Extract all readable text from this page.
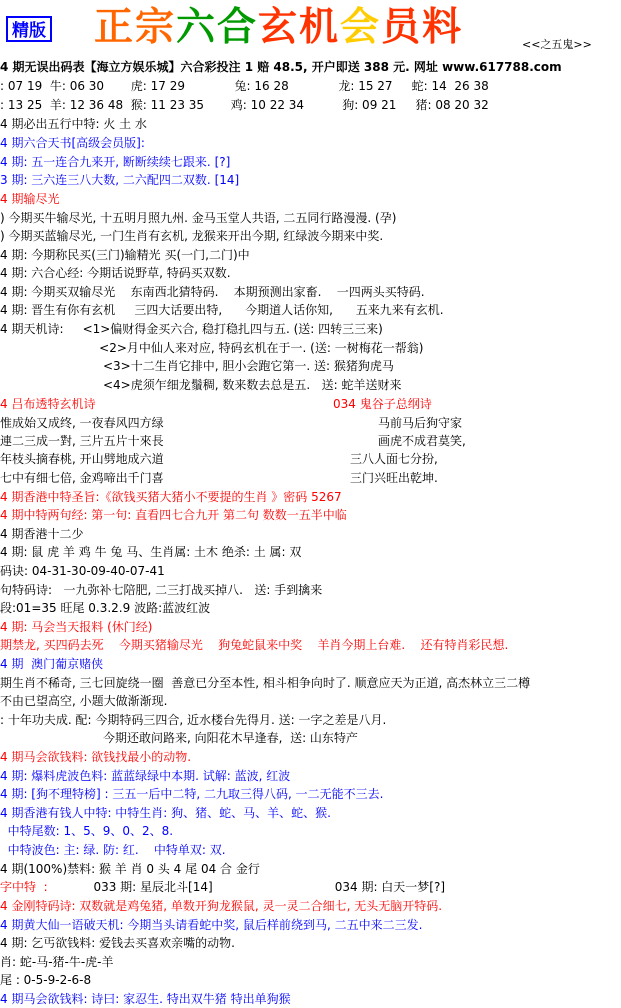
精版 正宗六合玄机会员料	<<之五鬼>>
4 期无误出码表【海立方娱乐城】六合彩投注 1 赔 48.5, 开户即送 388 元. 网址 www.617788.com
: 07 19  牛: 06 30       虎: 17 29             兔: 16 28             龙: 15 27     蛇: 14  26 38
: 13 25  羊: 12 36 48  猴: 11 23 35       鸡: 10 22 34          狗: 09 21     猪: 08 20 32
4 期必出五行中特: 火 土 水
4 期六合天书[高级会员版]:
4 期: 五一连合九来开, 断断续续七跟来. [?]
3 期: 三六连三八大数, 二六配四二双数. [14]
4 期输尽光
) 今期买牛输尽光, 十五明月照九州. 金马玉堂人共语, 二五同行路漫漫. (孕)
) 今期买蓝输尽光, 一门生肖有玄机, 龙猴来开出今期, 红绿波今期来中奖.
4 期: 今期称民买(三门)输精光 买(一门,二门)中
4 期: 六合心经: 今期话说野草, 特码买双数.
4 期: 今期买双输尽光    东南西北猜特码.    本期预测出家畜.    一四两头买特码.
4 期: 晋生有你有玄机     三四大话要出特,      今期道人话你知,      五来九来有玄机.
4 期天机诗:     <1>偏财得金买六合, 稳打稳扎四与五. (送: 四转三三来)
<2>月中仙人来对应, 特码玄机在于一. (送: 一树梅花一帮翁)
<3>十二生肖它排中, 胆小会跑它第一. 送: 猴猪狗虎马
<4>虎须乍细龙鬚稠, 数来数去总是五.   送: 蛇羊送财来
4 吕布透特玄机诗
惟成始又成终, 一夜春风四方绿
連二三成一對, 三片五片十來長
年枝头摘春桃, 开山劈地成六道
七中有细七倍, 金鸡啼出千门喜
4 期香港中特圣旨:《欲钱买猪大猪小不要提的生肖 》密码 5267
4 期中特两句经: 第一句: 直看四七合九开 第二句 数数一五半中临
4 期香港十二少
4 期: 鼠 虎 羊 鸡 牛 兔 马、生肖属: 土木 绝杀: 土 属: 双
码诀: 04-31-30-09-40-07-41
句特码诗:   一九弥补七陪肥, 二三打战买掉八.   送: 手到擒来
段:01=35 旺尾 0.3.2.9 波路:蓝波红波
4 期: 马会当天报料 (休门经)
期禁龙, 买四码去死    今期买猪输尽光    狗兔蛇鼠来中奖    羊肖今期上台难.    还有特肖彩民想.
4 期  澳门葡京赌侠
期生肖不稀奇, 三七回旋绕一圈  善意已分至本性, 相斗相争向时了. 顺意应天为正道, 高杰林立三二樽
不由已望高空, 小题大做渐渐现.
: 十年功夫成. 配: 今期特码三四合, 近水楼台先得月. 送: 一字之差是八月.
今期还敢问路来, 向阳花木早逢春,  送: 山东特产
4 期马会欲钱料: 欲钱找最小的动物.
4 期: 爆料虎波色料: 蓝蓝绿绿中本期. 试解: 蓝波, 红波
4 期: [狗不理特榜] : 三五一后中二特, 二九取三得八码, 一二无能不三去.
4 期香港有钱人中特: 中特生肖: 狗、猪、蛇、马、羊、蛇、猴.
中特尾数: 1、5、9、0、2、8.
中特波色: 主: 绿. 防: 红.    中特单双: 双.
4 期(100%)禁料: 猴 羊 肖 0 头 4 尾 04 合 金行
字中特  :            033 期: 星辰北斗[14]                                034 期: 白天一梦[?]
4 金刚特码诗: 双数就是鸡兔猪, 单数开狗龙猴鼠, 灵一灵二合细七, 无头无脑开特码.
4 期黄大仙一语破天机: 今期当头请看蛇中奖, 鼠后样前绕到马, 二五中来二三发.
4 期: 乞丐欲钱料: 爱钱去买喜欢亲嘴的动物.
肖: 蛇-马-猪-牛-虎-羊
尾 : 0-5-9-2-6-8
4 期马会欲钱料: 诗曰: 家忍生. 特出双牛猪 特出单狗猴
034 鬼谷子总纲诗
马前马后狗守家
画虎不成君莫笑,
三八人面七分扮,
三门兴旺出乾坤.
